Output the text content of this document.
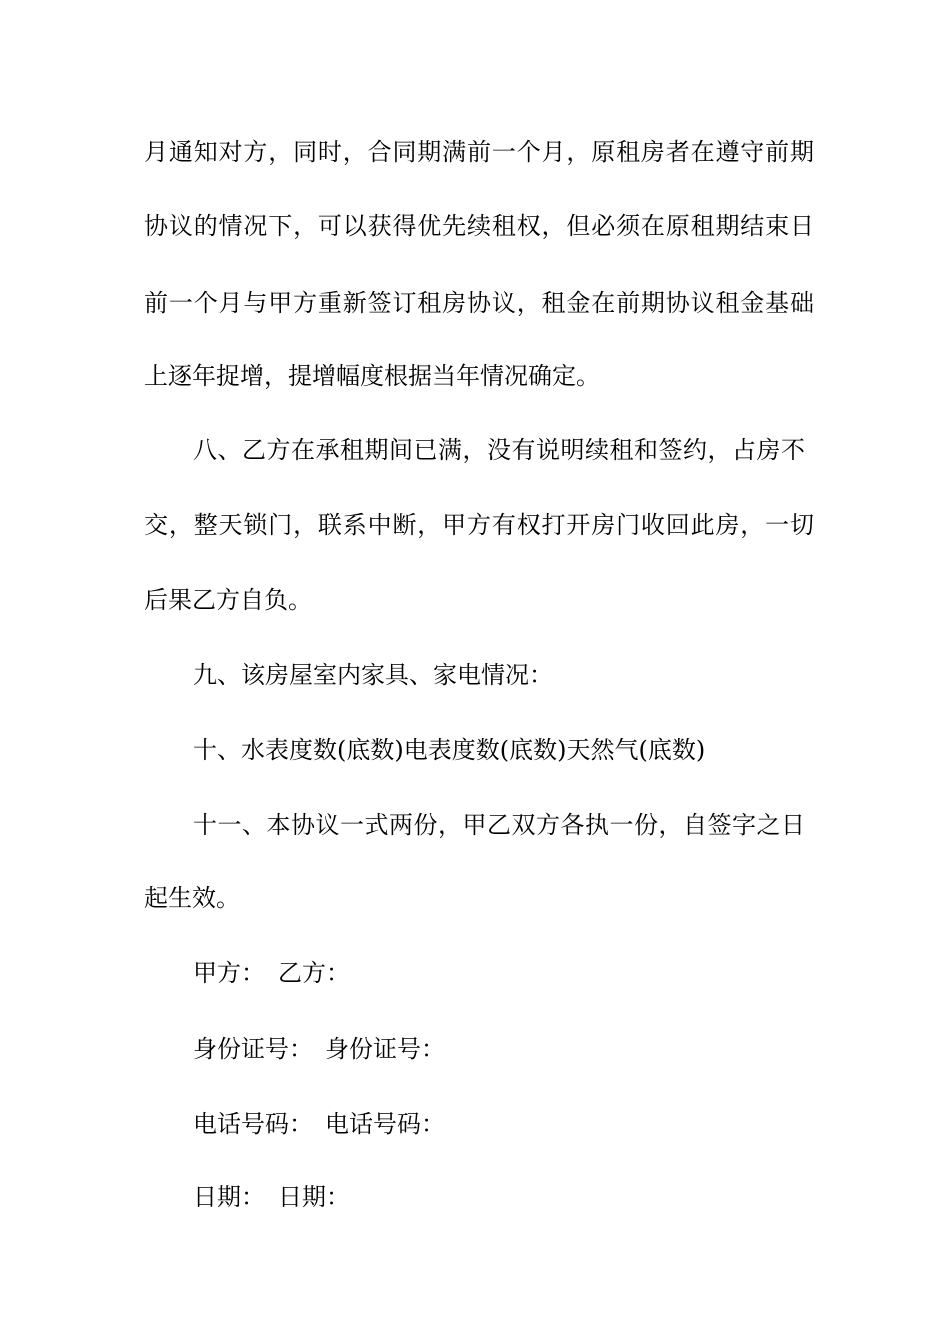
月通知对方，同时，合同期满前一个月，原租房者在遵守前期
协议的情况下，可以获得优先续租权，但必须在原租期结束日
前一个月与甲方重新签订租房协议，租金在前期协议租金基础
上逐年捉增，提增幅度根据当年情况确定。
八、乙方在承租期间已满，没有说明续租和签约，占房不
交，整天锁门，联系中断，甲方有权打开房门收回此房，一切
后果乙方自负。
九、该房屋室内家具、家电情况：
十、水表度数(底数)电表度数(底数)天然气(底数)
十一、本协议一式两份，甲乙双方各执一份，自签字之日
起生效。
甲方： 乙方：
身份证号： 身份证号：
电话号码： 电话号码：
日期： 日期：
